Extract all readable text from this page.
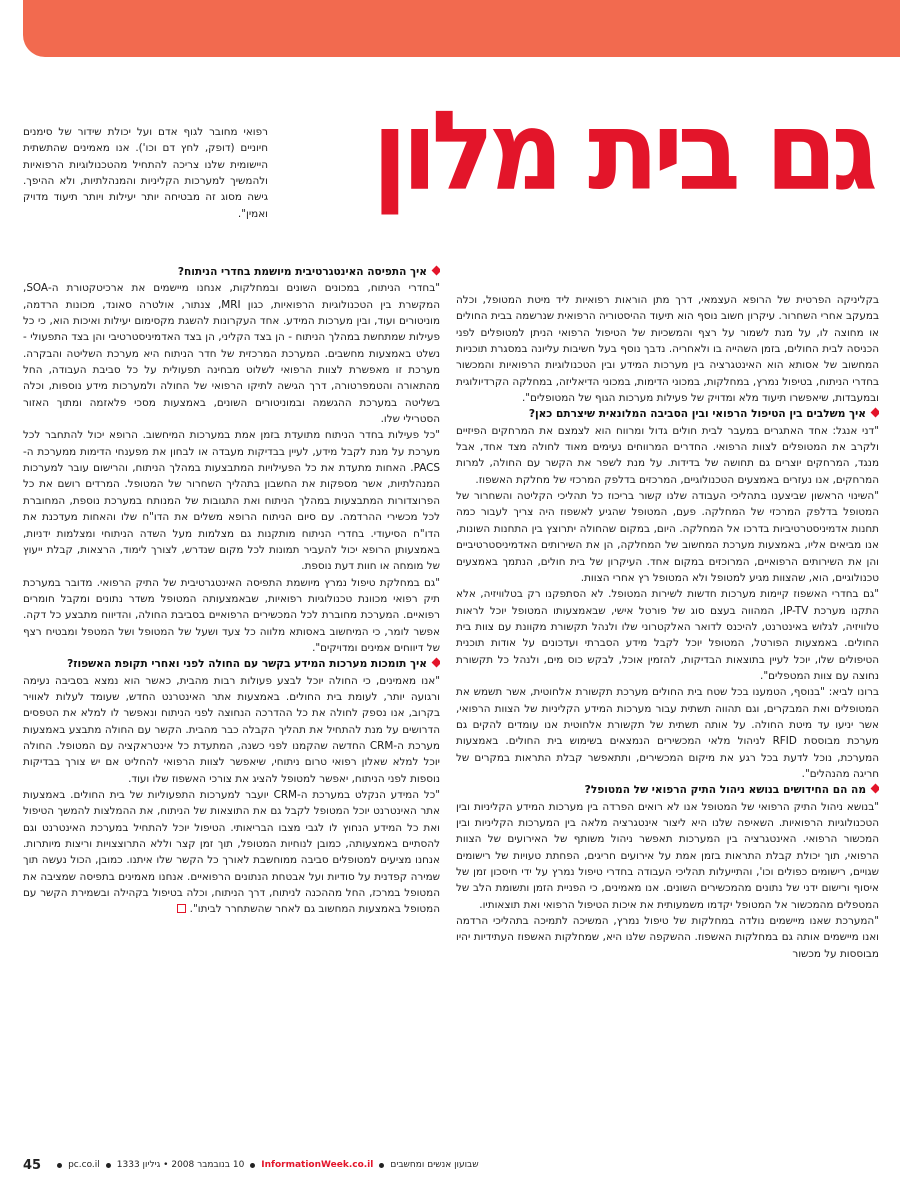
גם בית מלון

רפואי מחובר לגוף אדם ועל יכולת שידור של סימנים חיוניים (דופק, לחץ דם וכו'). אנו מאמינים שהתשתית היישומית שלנו צריכה להתחיל מהטכנולוגיות הרפואיות ולהמשיך למערכות הקליניות והמנהלתיות, ולא ההיפך. גישה מסוג זה מבטיחה יותר יעילות ויותר תיעוד מדויק ואמין".

איך התפיסה האינטגרטיבית מיושמת בחדרי הניתוח?

"בחדרי הניתוח, במכונים השונים ובמחלקות, אנחנו מיישמים את ארכיטקטורת ה-SOA, המקשרת בין הטכנולוגיות הרפואיות, כגון MRI, צנתור, אולטרה סאונד, מכונות הרדמה, מוניטורים ועוד, ובין מערכות המידע. אחד העקרונות להשגת מקסימום יעילות ואיכות הוא, כי כל פעילות שמתחשת במהלך הניתוח - הן בצד הקליני, הן בצד האדמיניסטרטיבי והן בצד התפעולי - נשלט באמצעות מחשבים. המערכת המרכזית של חדר הניתוח היא מערכת השליטה והבקרה. מערכת זו מאפשרת לצוות הרפואי לשלוט מבחינה תפעולית על כל סביבת העבודה, החל מהתאורה והטמפרטורה, דרך הגישה לתיקו הרפואי של החולה ולמערכות מידע נוספות, וכלה בשליטה במערכת ההגשמה ובמוניטורים השונים, באמצעות מסכי פלאזמה ומתוך האזור הסטרילי שלו.

"כל פעילות בחדר הניתוח מתועדת בזמן אמת במערכות המיחשוב. הרופא יכול להתחבר לכל מערכת על מנת לקבל מידע, לעיין בבדיקות מעבדה או לבחון את מפענחי הדימות ממערכת ה-PACS. האחות מתעדת את כל הפעילויות המתבצעות במהלך הניתוח, והרישום עובר למערכות המנהלתיות, אשר מספקות את החשבון בתהליך השחרור של המטופל. המרדים רושם את כל הפרוצדורות המתבצעות במהלך הניתוח ואת התגובות של המנותח במערכת נוספת, המחוברת לכל מכשירי ההרדמה. עם סיום הניתוח הרופא משלים את הדו"ח שלו והאחות מעדכנת את הדו"ח הסיעודי. בחדרי הניתוח מותקנות גם מצלמות מעל השדה הניתוחי ומצלמות ידניות, באמצעותן הרופא יכול להעביר תמונות לכל מקום שנדרש, לצורך לימוד, הרצאות, קבלת ייעוץ של מומחה או חוות דעת נוספת.

"גם במחלקת טיפול נמרץ מיושמת התפיסה האינטגרטיבית של התיק הרפואי. מדובר במערכת תיק רפואי מכוונת טכנולוגיות רפואיות, שבאמצעותה המטופל משדר נתונים ומקבל חומרים רפואיים. המערכת מחוברת לכל המכשירים הרפואיים בסביבת החולה, והדיווח מתבצע כל דקה. אפשר לומר, כי המיחשוב באסותא מלווה כל צעד ושעל של המטופל ושל המטפל ומבטיח רצף של דיווחים אמינים ומדויקים".

איך תומכות מערכות המידע בקשר עם החולה לפני ואחרי תקופת האשפוז?

"אנו מאמינים, כי החולה יוכל לבצע פעולות רבות מהבית, כאשר הוא נמצא בסביבה נעימה ורגועה יותר, לעומת בית החולים. באמצעות אתר האינטרנט החדש, שעומד לעלות לאוויר בקרוב, אנו נספק לחולה את כל ההדרכה הנחוצה לפני הניתוח ונאפשר לו למלא את הטפסים הדרושים על מנת להתחיל את תהליך הקבלה כבר מהבית. הקשר עם החולה מתבצע באמצעות מערכת ה-CRM החדשה שהקמנו לפני כשנה, המתעדת כל אינטראקציה עם המטופל. החולה יוכל למלא שאלון רפואי טרום ניתוחי, שיאפשר לצוות הרפואי להחליט אם יש צורך בבדיקות נוספות לפני הניתוח, יאפשר למטופל להציג את צורכי האשפוז שלו ועוד.

"כל המידע הנקלט במערכת ה-CRM יועבר למערכות התפעוליות של בית החולים. באמצעות אתר האינטרנט יוכל המטופל לקבל גם את התוצאות של הניתוח, את ההמלצות להמשך הטיפול ואת כל המידע הנחוץ לו לגבי מצבו הבריאותי. הטיפול יוכל להתחיל במערכת האינטרנט וגם להסתיים באמצעותה, כמובן לנוחיות המטופל, תוך זמן קצר וללא התרוצצויות וריצות מיותרות. אנחנו מציעים למטופלים סביבה ממוחשבת לאורך כל הקשר שלו איתנו. כמובן, הכול נעשה תוך שמירה קפדנית על סודיות ועל אבטחת הנתונים הרפואיים. אנחנו מאמינים בתפיסה שמציבה את המטופל במרכז, החל מההכנה לניתוח, דרך הניתוח, וכלה בטיפול בקהילה ובשמירת הקשר עם המטופל באמצעות המחשוב גם לאחר שהשתחרר לביתו".

בקליניקה הפרטית של הרופא העצמאי, דרך מתן הוראות רפואיות ליד מיטת המטופל, וכלה במעקב אחרי השחרור. עיקרון חשוב נוסף הוא תיעוד ההיסטוריה הרפואית שנרשמה בבית החולים או מחוצה לו, על מנת לשמור על רצף והמשכיות של הטיפול הרפואי הניתן למטופלים לפני הכניסה לבית החולים, בזמן השהייה בו ולאחריה. נדבך נוסף בעל חשיבות עליונה במסגרת תוכניות המחשוב של אסותא הוא האינטגרציה בין מערכות המידע ובין הטכנולוגיות הרפואיות והמכשור בחדרי הניתוח, בטיפול נמרץ, במחלקות, במכוני הדימות, במכוני הדיאליזה, במחלקה הקרדיולוגית ובמעבדות, שיאפשרו תיעוד מלא ומדויק של פעילות מערכות הגוף של המטופלים".

איך משלבים בין הטיפול הרפואי ובין הסביבה המלונאית שיצרתם כאן?

"דני אנגל: אחד האתגרים במעבר לבית חולים גדול ומרווח הוא לצמצם את המרחקים הפיזיים ולקרב את המטופלים לצוות הרפואי. החדרים המרווחים נעימים מאוד לחולה מצד אחד, אבל מנגד, המרחקים יוצרים גם תחושה של בדידות. על מנת לשפר את הקשר עם החולה, למרות המרחקים, אנו נעזרים באמצעים הטכנולוגיים, המרכזים בדלפק המרכזי של מחלקת האשפוז.

"השינוי הראשון שביצענו בתהליכי העבודה שלנו קשור בריכוז כל תהליכי הקליטה והשחרור של המטופל בדלפק המרכזי של המחלקה. פעם, המטופל שהגיע לאשפוז היה צריך לעבור כמה תחנות אדמיניסטרטיביות בדרכו אל המחלקה. היום, במקום שהחולה יתרוצץ בין התחנות השונות, אנו מביאים אליו, באמצעות מערכת המחשוב של המחלקה, הן את השירותים האדמיניסטרטיביים והן את השירותים הרפואיים, המרוכזים במקום אחד. העיקרון של בית חולים, הנתמך באמצעים טכנולוגיים, הוא, שהצוות מגיע למטופל ולא המטופל רץ אחרי הצוות.

"גם בחדרי האשפוז קיימות מערכות חדשות לשירות המטופל. לא הסתפקנו רק בטלוויזיה, אלא התקנו מערכת IP-TV, המהווה בעצם סוג של פורטל אישי, שבאמצעותו המטופל יוכל לראות טלוויזיה, לגלוש באינטרנט, להיכנס לדואר האלקטרוני שלו ולנהל תקשורת מקוונת עם צוות בית החולים. באמצעות הפורטל, המטופל יוכל לקבל מידע הסברתי ועדכונים על אודות תוכנית הטיפולים שלו, יוכל לעיין בתוצאות הבדיקות, להזמין אוכל, לבקש כוס מים, ולנהל כל תקשורת נחוצה עם צוות המטפלים".

ברונו לביא: "בנוסף, הטמענו בכל שטח בית החולים מערכת תקשורת אלחוטית, אשר תשמש את המטופלים ואת המבקרים, וגם תהווה תשתית עבור מערכות המידע הקליניות של הצוות הרפואי, אשר יניעו עד מיטת החולה. על אותה תשתית של תקשורת אלחוטית אנו עומדים להקים גם מערכת מבוססת RFID לניהול מלאי המכשירים הנמצאים בשימוש בית החולים. באמצעות המערכת, נוכל לדעת בכל רגע את מיקום המכשירים, ותתאפשר קבלת התראות במקרים של חריגה מהנהלים".

מה הם החידושים בנושא ניהול התיק הרפואי של המטופל?

"בנושא ניהול התיק הרפואי של המטופל אנו לא רואים הפרדה בין מערכות המידע הקליניות ובין הטכנולוגיות הרפואיות. השאיפה שלנו היא ליצור אינטגרציה מלאה בין המערכות הקליניות ובין המכשור הרפואי. האינטגרציה בין המערכות תאפשר ניהול משותף של האירועים של הצוות הרפואי, תוך יכולת קבלת התראות בזמן אמת על אירועים חריגים, הפחתת טעויות של רישומים שגויים, רישומים כפולים וכו', והתייעלות תהליכי העבודה בחדרי טיפול נמרץ על ידי חיסכון זמן של איסוף ורישום ידני של נתונים מהמכשירים השונים. אנו מאמינים, כי הפניית הזמן ותשומת הלב של המטפלים מהמכשור אל המטופל יקדמו משמעותית את איכות הטיפול הרפואי ואת תוצאותיו.

"המערכת שאנו מיישמים נולדה במחלקות של טיפול נמרץ, המשיכה לתמיכה בתהליכי הרדמה ואנו מיישמים אותה גם במחלקות האשפוז. ההשקפה שלנו היא, שמחלקות האשפוז העתידיות יהיו מבוססות על מכשור

45	pc.co.il 10 בנובמבר 2008 • גיליון 1333 InformationWeek.co.il שבועון אנשים ומחשבים
